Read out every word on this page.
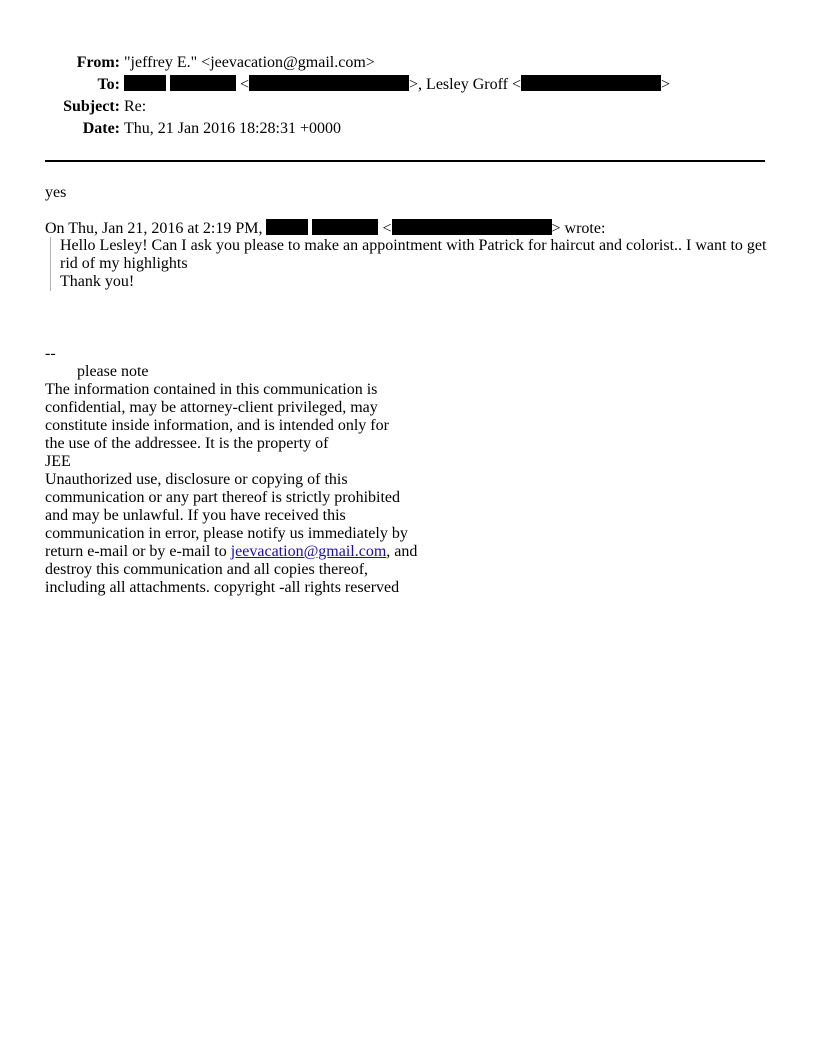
From: "jeffrey E." <jeevacation@gmail.com>
To:	<	>, Lesley Groff <	>
Subject: Re:
Date: Thu, 21 Jan 2016 18:28:31 +0000
yes
On Thu, Jan 21, 2016 at 2:19 PM,	<	> wrote:
Hello Lesley! Can I ask you please to make an appointment with Patrick for haircut and colorist.. I want to get
rid of my highlights
Thank you!
--
please note
The information contained in this communication is
confidential, may be attorney-client privileged, may
constitute inside information, and is intended only for
the use of the addressee. It is the property of
JEE
Unauthorized use, disclosure or copying of this
communication or any part thereof is strictly prohibited
and may be unlawful. If you have received this
communication in error, please notify us immediately by
return e-mail or by e-mail to jeevacation@gmail.com, and
destroy this communication and all copies thereof,
including all attachments. copyright -all rights reserved
